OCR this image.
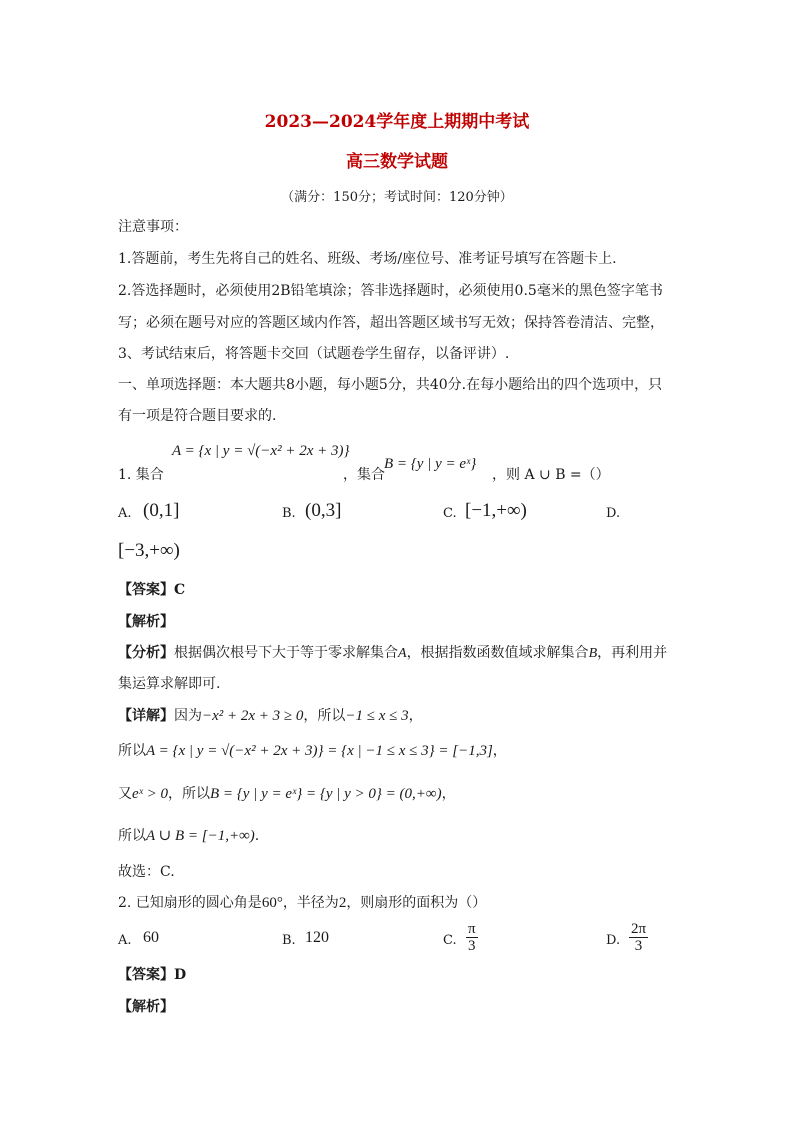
2023—2024学年度上期期中考试
高三数学试题
（满分：150分；考试时间：120分钟）
注意事项：
1.答题前，考生先将自己的姓名、班级、考场/座位号、准考证号填写在答题卡上.
2.答选择题时，必须使用2B铅笔填涂；答非选择题时，必须使用0.5毫米的黑色签字笔书
写；必须在题号对应的答题区域内作答，超出答题区域书写无效；保持答卷清洁、完整，
3、考试结束后，将答题卡交回（试题卷学生留存，以备评讲）.
一、单项选择题：本大题共8小题，每小题5分，共40分.在每小题给出的四个选项中，只
有一项是符合题目要求的.
1. 集合
A = {x | y = √(−x² + 2x + 3)}
，集合
B = {y | y = eˣ}
，则 A ∪ B =（）
A. (0,1]	B. (0,3]	C. [−1,+∞)	D.
[−3,+∞)
【答案】C
【解析】
【分析】根据偶次根号下大于等于零求解集合A，根据指数函数值域求解集合B，再利用并
集运算求解即可.
【详解】因为−x² + 2x + 3 ≥ 0，所以−1 ≤ x ≤ 3，
所以A = {x | y = √(−x² + 2x + 3)} = {x | −1 ≤ x ≤ 3} = [−1,3]，
又eˣ > 0，所以B = {y | y = eˣ} = {y | y > 0} = (0,+∞)，
所以A ∪ B = [−1,+∞).
故选：C.
2. 已知扇形的圆心角是60°，半径为2，则扇形的面积为（）
A. 60	B. 120	C. $\frac{\pi}{3}$	D. $\frac{2\pi}{3}$
【答案】D
【解析】
